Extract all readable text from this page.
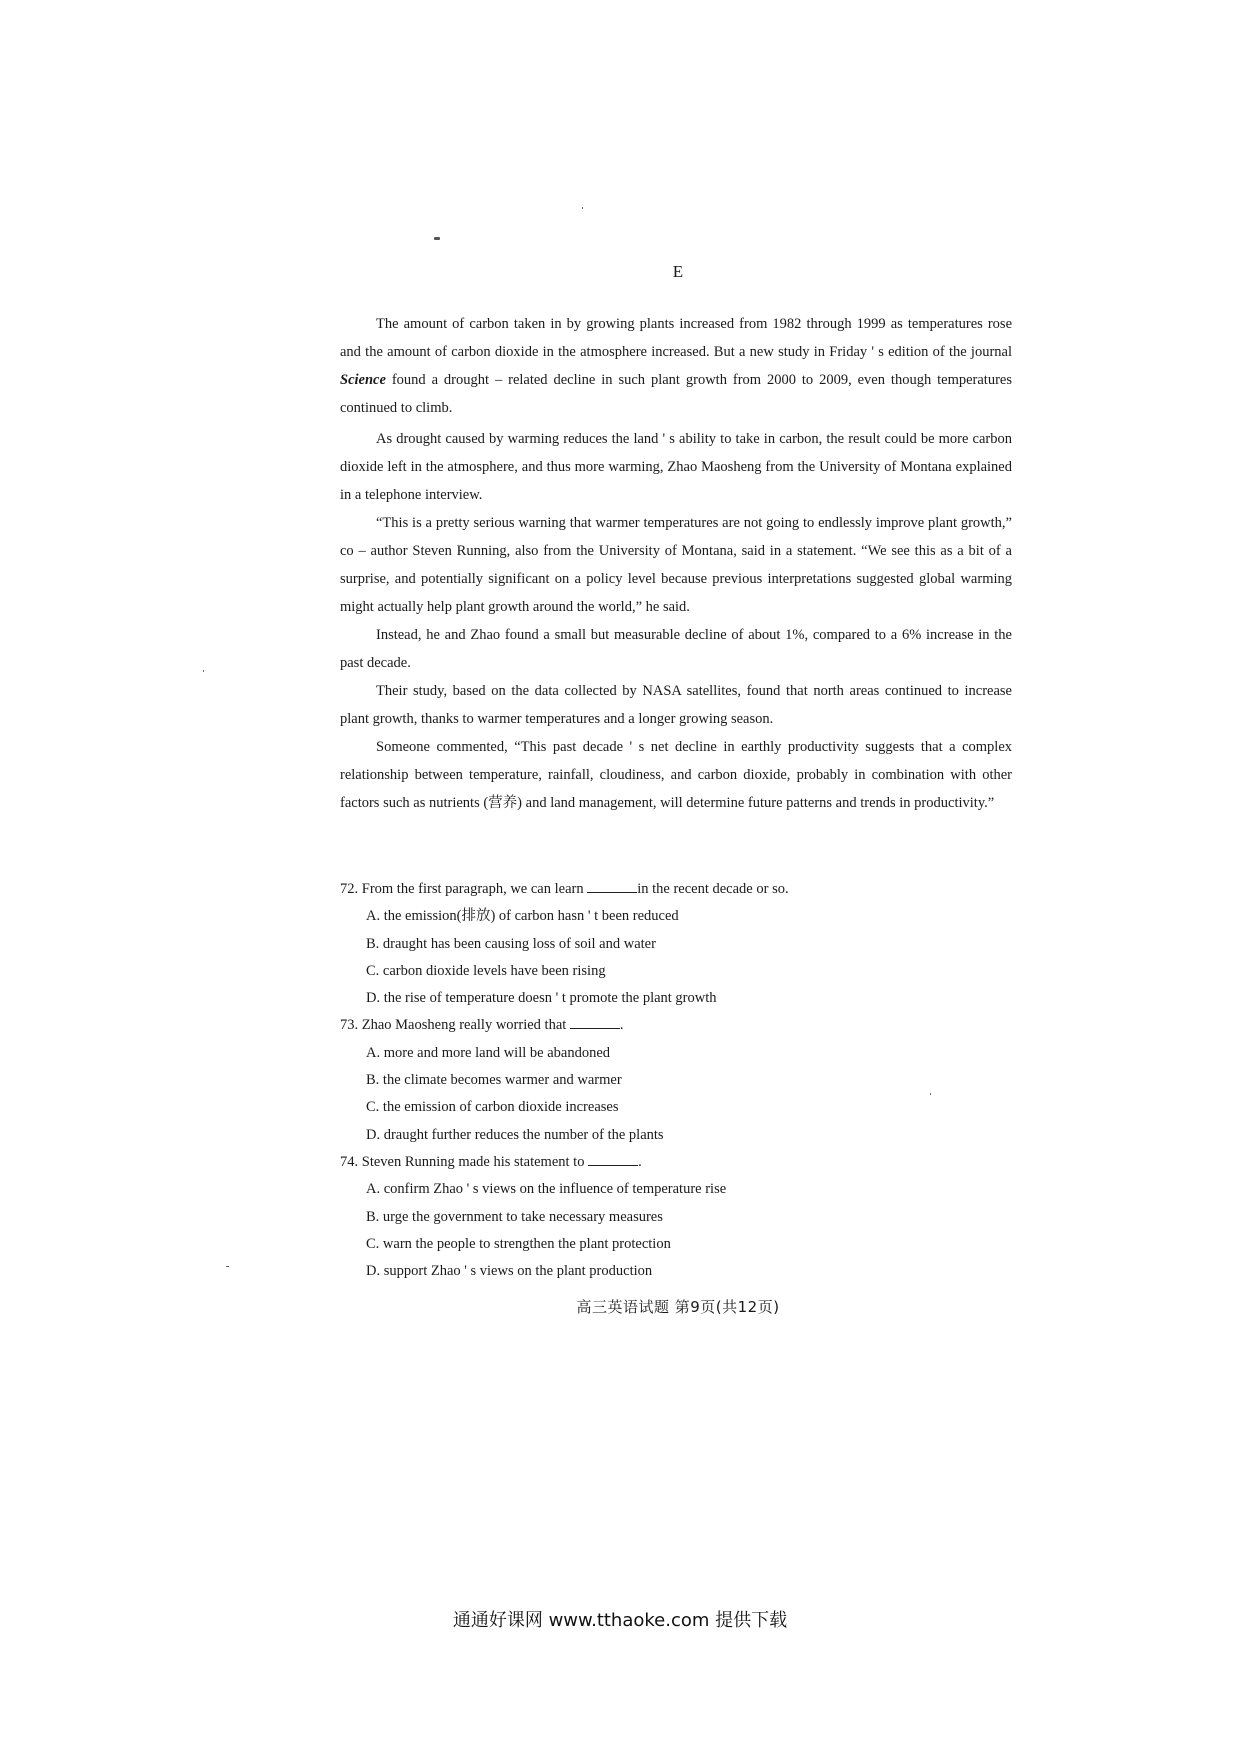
E

The amount of carbon taken in by growing plants increased from 1982 through 1999 as temperatures rose and the amount of carbon dioxide in the atmosphere increased. But a new study in Friday ' s edition of the journal Science found a drought – related decline in such plant growth from 2000 to 2009, even though temperatures continued to climb.

As drought caused by warming reduces the land ' s ability to take in carbon, the result could be more carbon dioxide left in the atmosphere, and thus more warming, Zhao Maosheng from the University of Montana explained in a telephone interview.

“This is a pretty serious warning that warmer temperatures are not going to endlessly improve plant growth,” co – author Steven Running, also from the University of Montana, said in a statement. “We see this as a bit of a surprise, and potentially significant on a policy level because previous interpretations suggested global warming might actually help plant growth around the world,” he said.

Instead, he and Zhao found a small but measurable decline of about 1%, compared to a 6% increase in the past decade.

Their study, based on the data collected by NASA satellites, found that north areas continued to increase plant growth, thanks to warmer temperatures and a longer growing season.

Someone commented, “This past decade ' s net decline in earthly productivity suggests that a complex relationship between temperature, rainfall, cloudiness, and carbon dioxide, probably in combination with other factors such as nutrients (营养) and land management, will determine future patterns and trends in productivity.”

72. From the first paragraph, we can learn	in the recent decade or so.

A. the emission(排放) of carbon hasn ' t been reduced
B. draught has been causing loss of soil and water
C. carbon dioxide levels have been rising
D. the rise of temperature doesn ' t promote the plant growth

73. Zhao Maosheng really worried that	.

A. more and more land will be abandoned
B. the climate becomes warmer and warmer
C. the emission of carbon dioxide increases
D. draught further reduces the number of the plants

74. Steven Running made his statement to	.

A. confirm Zhao ' s views on the influence of temperature rise
B. urge the government to take necessary measures
C. warn the people to strengthen the plant protection
D. support Zhao ' s views on the plant production
高三英语试题 第9页(共12页)
通通好课网 www.tthaoke.com 提供下载
